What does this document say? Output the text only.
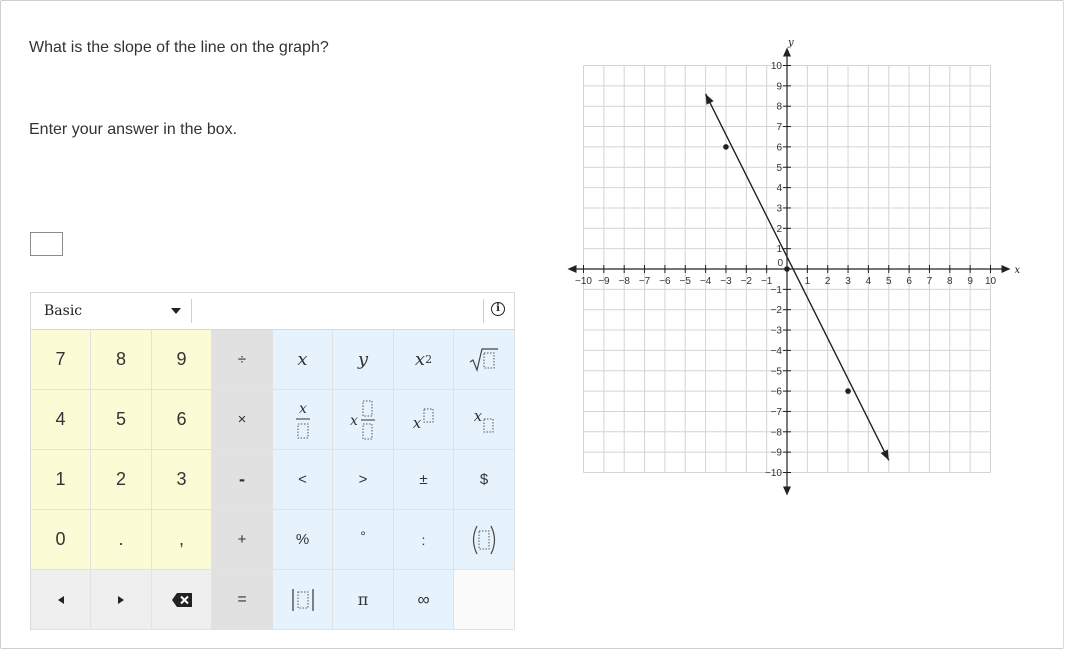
What is the slope of the line on the graph?
Enter your answer in the box.
Basic	i
7	8	9	÷	x	y	x 2
4	5	6	×
x
x	x	x
1	2	3	-	<	>	±	$
0	.	,	+	%	°	:
=	π	∞
x
y
−10 −9 −8 −7 −6 −5 −4 −3 −2 −1	1 2 3 4 5 6 7 8 9 10
10
9
8
7
6
5
4
3
2
1
−1
−2
−3
−4
−5
−6
−7
−8
−9
−10
0
